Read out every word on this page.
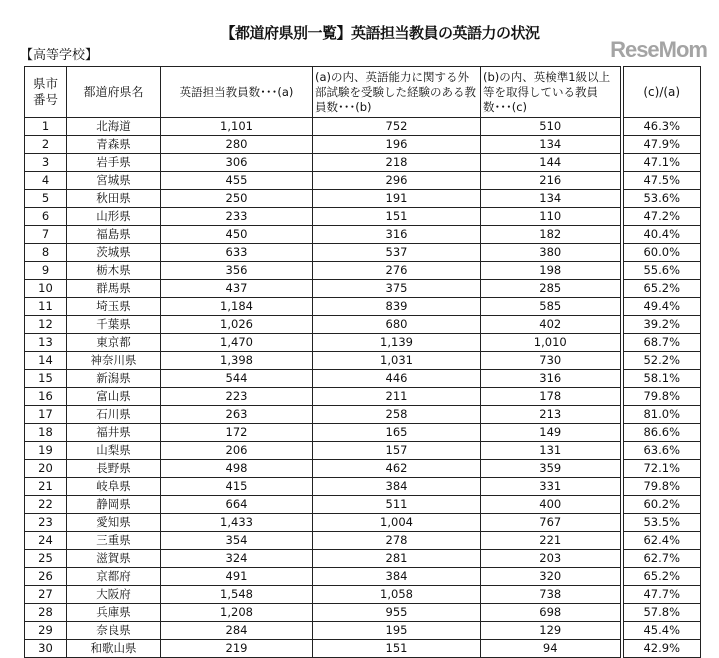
【都道府県別一覧】英語担当教員の英語力の状況
【高等学校】	ReseMom
県市番号	都道府県名	英語担当教員数･･･(a)	(a)の内、英語能力に関する外部試験を受験した経験のある教員数･･･(b)	(b)の内、英検準1級以上等を取得している教員数･･･(c)	(c)/(a)
1	北海道	1,101	752	510	46.3%
2	青森県	280	196	134	47.9%
3	岩手県	306	218	144	47.1%
4	宮城県	455	296	216	47.5%
5	秋田県	250	191	134	53.6%
6	山形県	233	151	110	47.2%
7	福島県	450	316	182	40.4%
8	茨城県	633	537	380	60.0%
9	栃木県	356	276	198	55.6%
10	群馬県	437	375	285	65.2%
11	埼玉県	1,184	839	585	49.4%
12	千葉県	1,026	680	402	39.2%
13	東京都	1,470	1,139	1,010	68.7%
14	神奈川県	1,398	1,031	730	52.2%
15	新潟県	544	446	316	58.1%
16	富山県	223	211	178	79.8%
17	石川県	263	258	213	81.0%
18	福井県	172	165	149	86.6%
19	山梨県	206	157	131	63.6%
20	長野県	498	462	359	72.1%
21	岐阜県	415	384	331	79.8%
22	静岡県	664	511	400	60.2%
23	愛知県	1,433	1,004	767	53.5%
24	三重県	354	278	221	62.4%
25	滋賀県	324	281	203	62.7%
26	京都府	491	384	320	65.2%
27	大阪府	1,548	1,058	738	47.7%
28	兵庫県	1,208	955	698	57.8%
29	奈良県	284	195	129	45.4%
30	和歌山県	219	151	94	42.9%
